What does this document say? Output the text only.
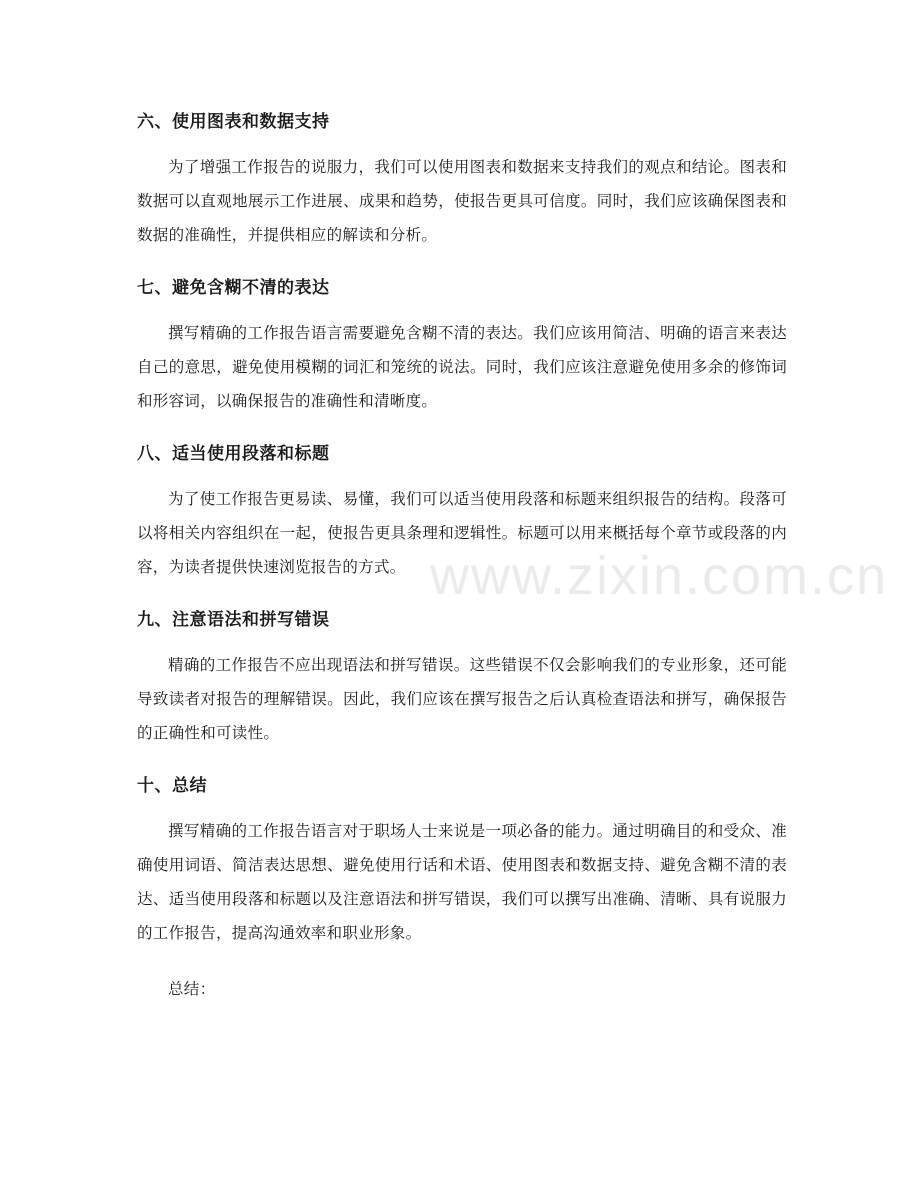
六、使用图表和数据支持

为了增强工作报告的说服力，我们可以使用图表和数据来支持我们的观点和结论。图表和数据可以直观地展示工作进展、成果和趋势，使报告更具可信度。同时，我们应该确保图表和数据的准确性，并提供相应的解读和分析。

七、避免含糊不清的表达

撰写精确的工作报告语言需要避免含糊不清的表达。我们应该用简洁、明确的语言来表达自己的意思，避免使用模糊的词汇和笼统的说法。同时，我们应该注意避免使用多余的修饰词和形容词，以确保报告的准确性和清晰度。

八、适当使用段落和标题

为了使工作报告更易读、易懂，我们可以适当使用段落和标题来组织报告的结构。段落可以将相关内容组织在一起，使报告更具条理和逻辑性。标题可以用来概括每个章节或段落的内容，为读者提供快速浏览报告的方式。

九、注意语法和拼写错误

精确的工作报告不应出现语法和拼写错误。这些错误不仅会影响我们的专业形象，还可能导致读者对报告的理解错误。因此，我们应该在撰写报告之后认真检查语法和拼写，确保报告的正确性和可读性。

十、总结

撰写精确的工作报告语言对于职场人士来说是一项必备的能力。通过明确目的和受众、准确使用词语、简洁表达思想、避免使用行话和术语、使用图表和数据支持、避免含糊不清的表达、适当使用段落和标题以及注意语法和拼写错误，我们可以撰写出准确、清晰、具有说服力的工作报告，提高沟通效率和职业形象。

总结：

www.zixin.com.cn
